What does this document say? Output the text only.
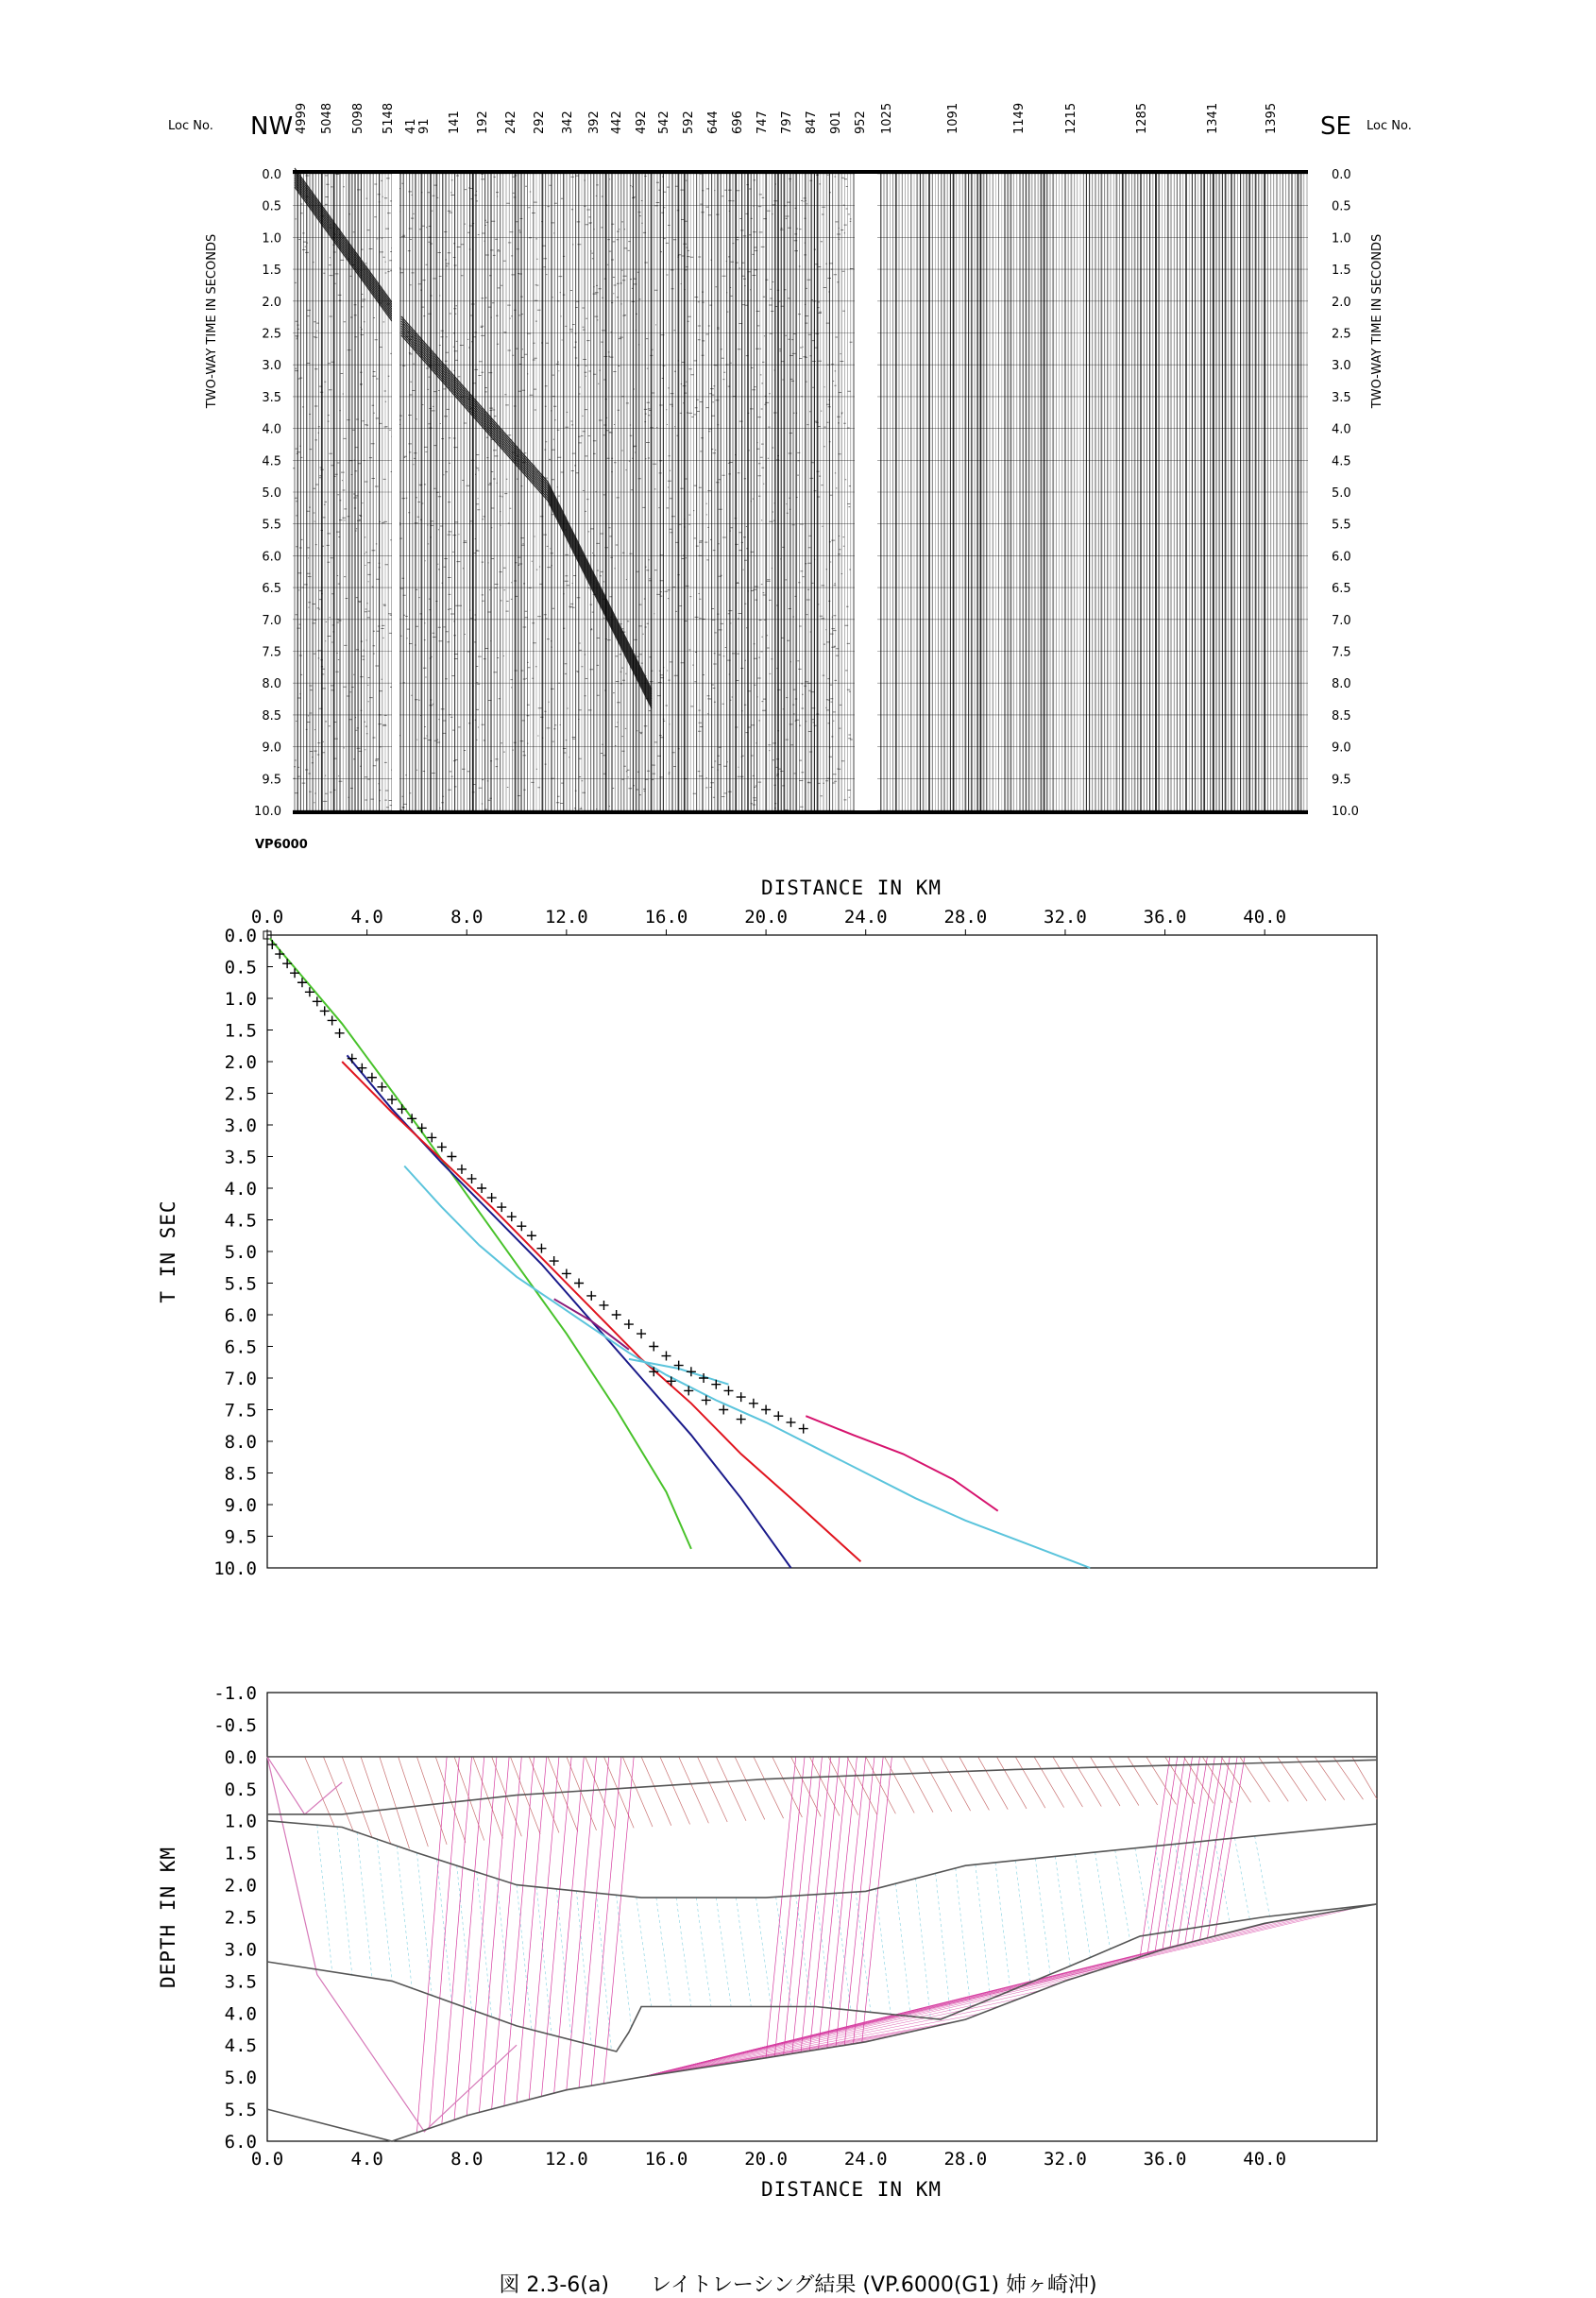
Loc No. NW	SE Loc No.
4999 5048 5098 5148 41 91 141 192 242 292 342 392 442 492 542 592 644 696 747 797 847 901 952 1025	1091	1149	1215	1285	1341	1395
0.0
0.5
1.0
1.5
2.0
2.5
3.0
3.5
4.0
4.5
5.0
5.5
6.0
6.5
7.0
7.5
8.0
8.5
9.0
9.5
10.0
0.0
0.5
1.0
1.5
2.0
2.5
3.0
3.5
4.0
4.5
5.0
5.5
6.0
6.5
7.0
7.5
8.0
8.5
9.0
9.5
10.0
TWO-WAY TIME IN SECONDS	TWO-WAY TIME IN SECONDS
VP6000
DISTANCE IN KM
0.0	4.0	8.0	12.0	16.0	20.0	24.0	28.0	32.0	36.0	40.0
0.0
0.5
1.0
1.5
2.0
2.5
3.0
3.5
4.0
4.5
5.0
5.5
6.0
6.5
7.0
7.5
8.0
8.5
9.0
9.5
10.0
T IN SEC
0.0	4.0	8.0	12.0	16.0	20.0	24.0	28.0	32.0	36.0	40.0
-1.0
-0.5
0.0
0.5
1.0
1.5
2.0
2.5
3.0
3.5
4.0
4.5
5.0
5.5
6.0
DEPTH IN KM
DISTANCE IN KM
図 2.3-6(a)　　レイトレーシング結果 (VP.6000(G1) 姉ヶ崎沖)
